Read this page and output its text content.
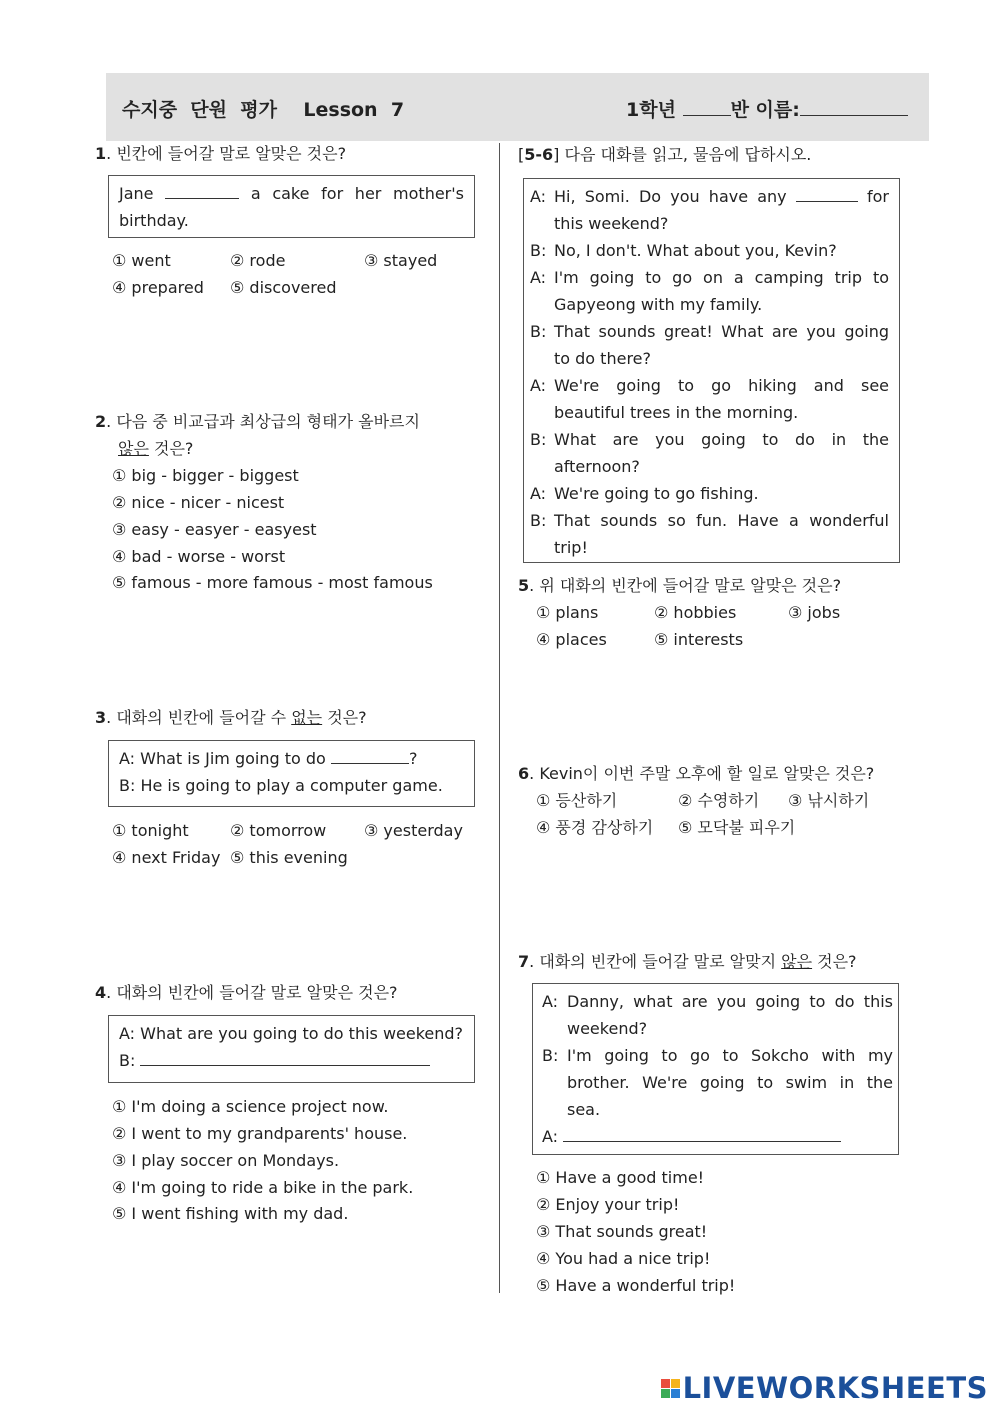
수지중  단원  평가    Lesson  7	1학년	반 이름:
1. 빈칸에 들어갈 말로 알맞은 것은?
Jane	a cake for her mother's
birthday.
① went	② rode	③ stayed
④ prepared ⑤ discovered
2. 다음 중 비교급과 최상급의 형태가 올바르지
않은 것은?
① big - bigger - biggest
② nice - nicer - nicest
③ easy - easyer - easyest
④ bad - worse - worst
⑤ famous - more famous - most famous
3. 대화의 빈칸에 들어갈 수 없는 것은?
A: What is Jim going to do	?
B: He is going to play a computer game.
① tonight	② tomorrow ③ yesterday
④ next Friday ⑤ this evening
4. 대화의 빈칸에 들어갈 말로 알맞은 것은?
A: What are you going to do this weekend?
B:
① I'm doing a science project now.
② I went to my grandparents' house.
③ I play soccer on Mondays.
④ I'm going to ride a bike in the park.
⑤ I went fishing with my dad.
[5-6] 다음 대화를 읽고, 물음에 답하시오.
A: Hi, Somi. Do you have any	for
this weekend?
B: No, I don't. What about you, Kevin?
A: I'm going to go on a camping trip to
Gapyeong with my family.
B: That sounds great! What are you going
to do there?
A: We're going to go hiking and see
beautiful trees in the morning.
B: What are you going to do in the
afternoon?
A: We're going to go fishing.
B: That sounds so fun. Have a wonderful
trip!
5. 위 대화의 빈칸에 들어갈 말로 알맞은 것은?
① plans	② hobbies	③ jobs
④ places	⑤ interests
6. Kevin이 이번 주말 오후에 할 일로 알맞은 것은?
① 등산하기	② 수영하기 ③ 낚시하기
④ 풍경 감상하기 ⑤ 모닥불 피우기
7. 대화의 빈칸에 들어갈 말로 알맞지 않은 것은?
A: Danny, what are you going to do this
weekend?
B: I'm going to go to Sokcho with my
brother. We're going to swim in the
sea.
A:
① Have a good time!
② Enjoy your trip!
③ That sounds great!
④ You had a nice trip!
⑤ Have a wonderful trip!
LIVEWORKSHEETS
